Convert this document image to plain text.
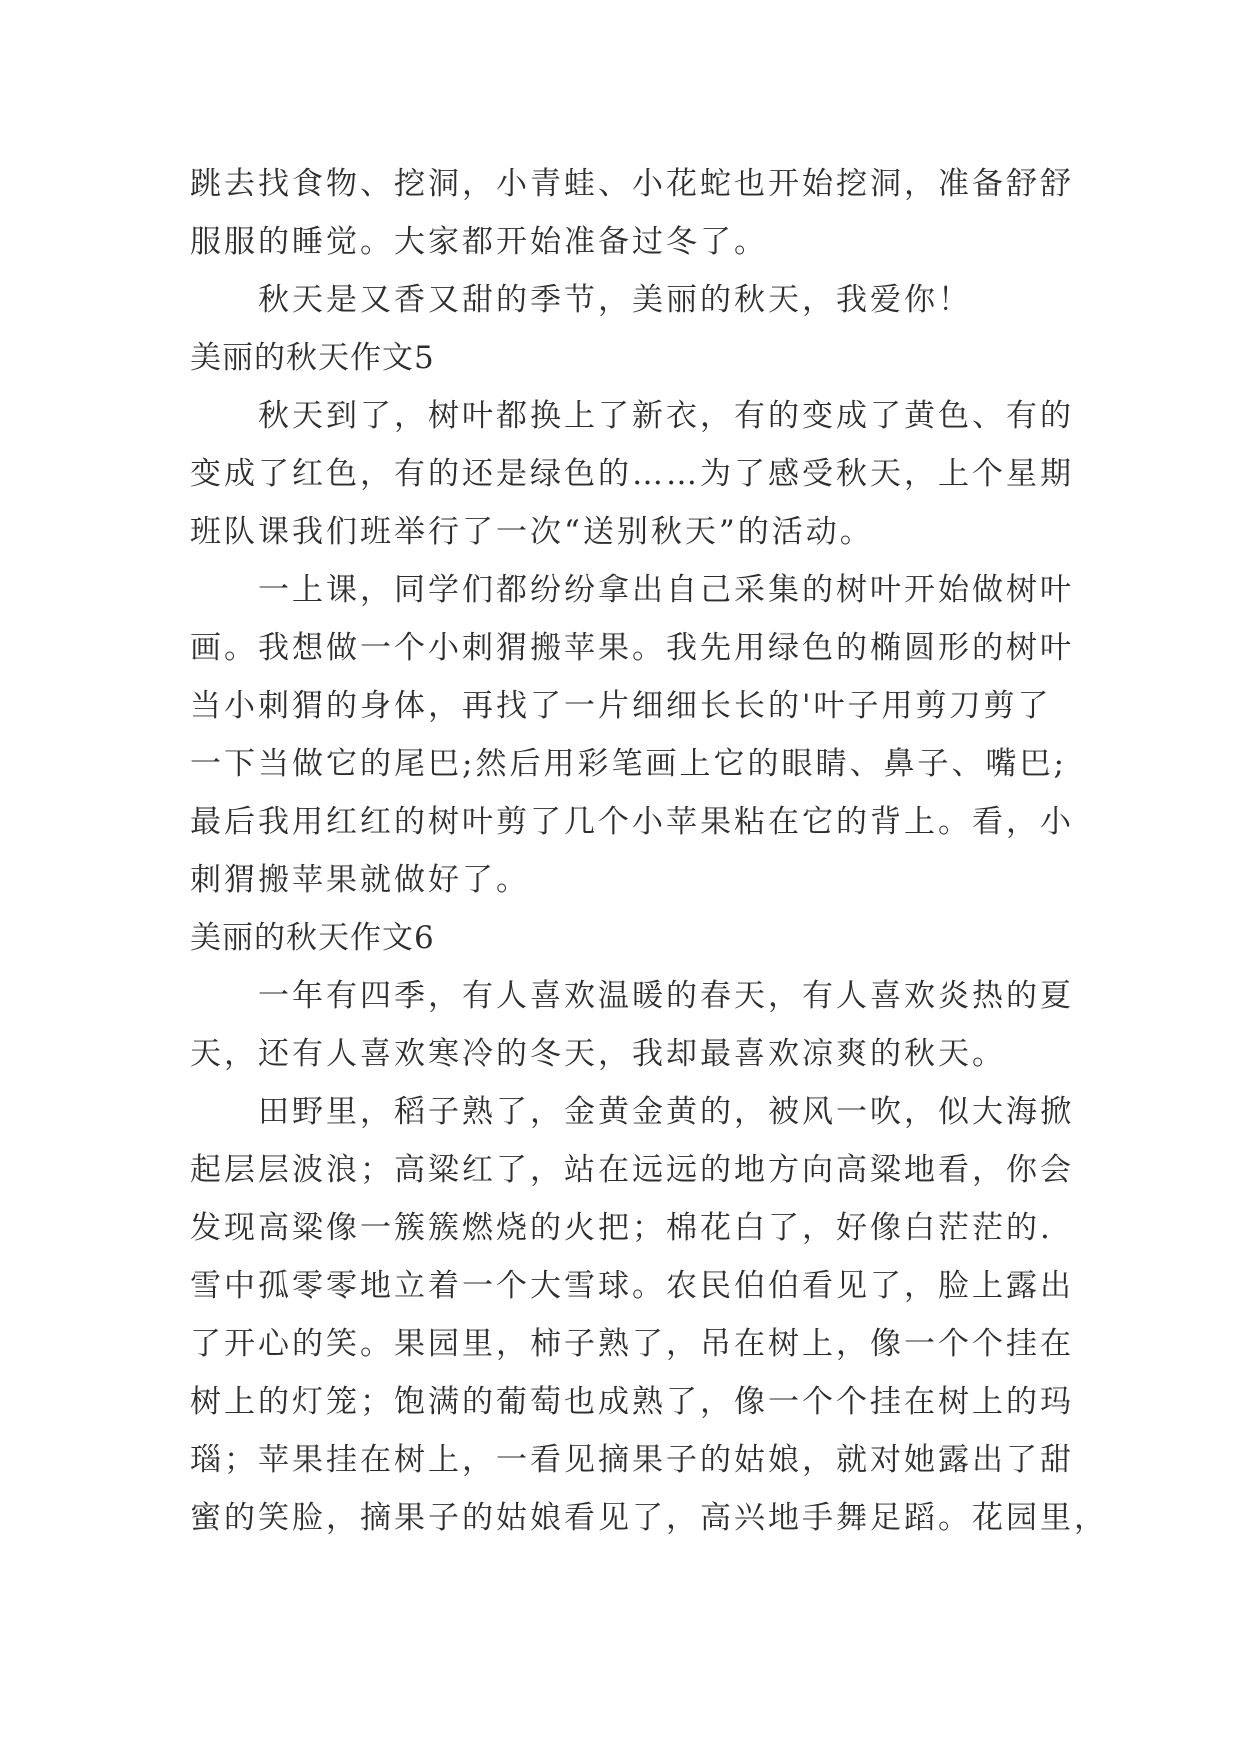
跳去找食物、挖洞，小青蛙、小花蛇也开始挖洞，准备舒舒

服服的睡觉。大家都开始准备过冬了。

秋天是又香又甜的季节，美丽的秋天，我爱你！

美丽的秋天作文5

秋天到了，树叶都换上了新衣，有的变成了黄色、有的

变成了红色，有的还是绿色的……为了感受秋天，上个星期

班队课我们班举行了一次“送别秋天”的活动。

一上课，同学们都纷纷拿出自己采集的树叶开始做树叶

画。我想做一个小刺猬搬苹果。我先用绿色的椭圆形的树叶

当小刺猬的身体，再找了一片细细长长的'叶子用剪刀剪了

一下当做它的尾巴;然后用彩笔画上它的眼睛、鼻子、嘴巴;

最后我用红红的树叶剪了几个小苹果粘在它的背上。看，小

刺猬搬苹果就做好了。

美丽的秋天作文6

一年有四季，有人喜欢温暖的春天，有人喜欢炎热的夏

天，还有人喜欢寒冷的冬天，我却最喜欢凉爽的秋天。

田野里，稻子熟了，金黄金黄的，被风一吹，似大海掀

起层层波浪；高粱红了，站在远远的地方向高粱地看，你会

发现高粱像一簇簇燃烧的火把；棉花白了，好像白茫茫的.

雪中孤零零地立着一个大雪球。农民伯伯看见了，脸上露出

了开心的笑。果园里，柿子熟了，吊在树上，像一个个挂在

树上的灯笼；饱满的葡萄也成熟了，像一个个挂在树上的玛

瑙；苹果挂在树上，一看见摘果子的姑娘，就对她露出了甜

蜜的笑脸，摘果子的姑娘看见了，高兴地手舞足蹈。花园里，
